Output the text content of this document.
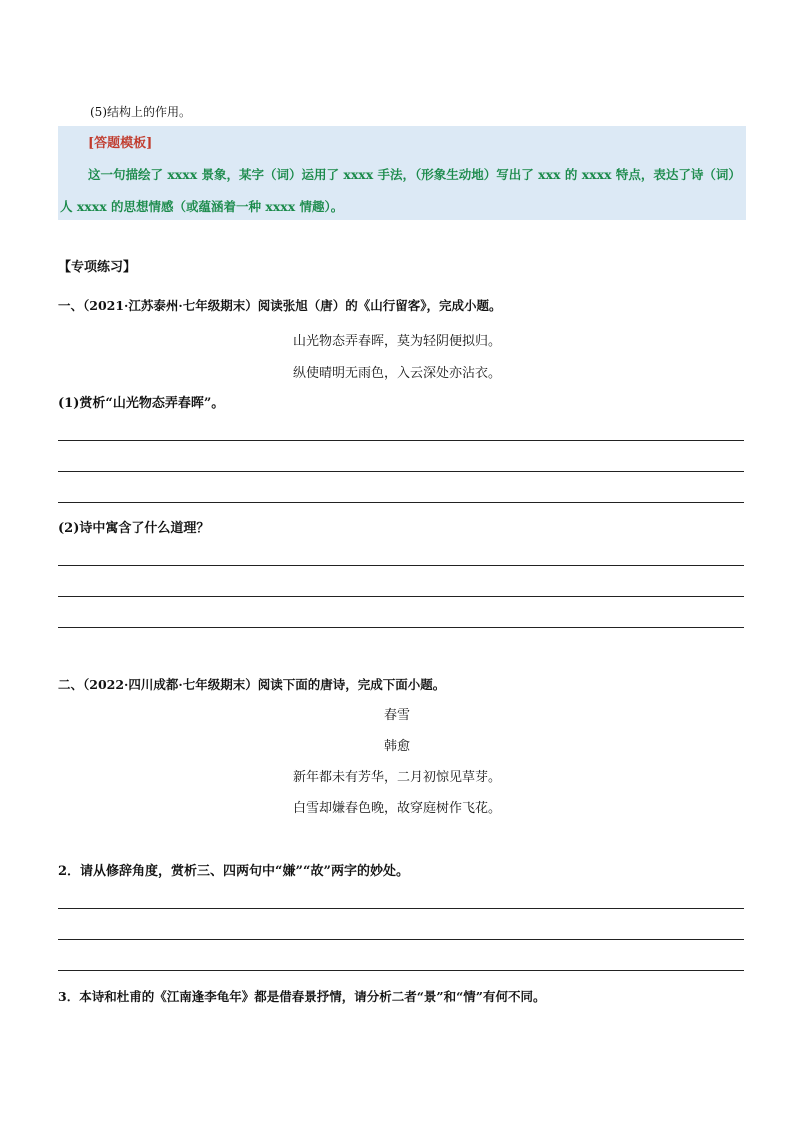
(5)结构上的作用。
[答题模板]
这一句描绘了 xxxx 景象，某字（词）运用了 xxxx 手法，（形象生动地）写出了 xxx 的 xxxx 特点，表达了诗（词）
人 xxxx 的思想情感（或蕴涵着一种 xxxx 情趣）。
【专项练习】
一、（2021·江苏泰州·七年级期末）阅读张旭（唐）的《山行留客》，完成小题。
山光物态弄春晖，莫为轻阴便拟归。
纵使晴明无雨色，入云深处亦沾衣。
(1)赏析“山光物态弄春晖”。
(2)诗中寓含了什么道理？
二、（2022·四川成都·七年级期末）阅读下面的唐诗，完成下面小题。
春雪
韩愈
新年都未有芳华，二月初惊见草芽。
白雪却嫌春色晚，故穿庭树作飞花。
2．请从修辞角度，赏析三、四两句中“嫌”“故”两字的妙处。
3．本诗和杜甫的《江南逢李龟年》都是借春景抒情，请分析二者“景”和“情”有何不同。
